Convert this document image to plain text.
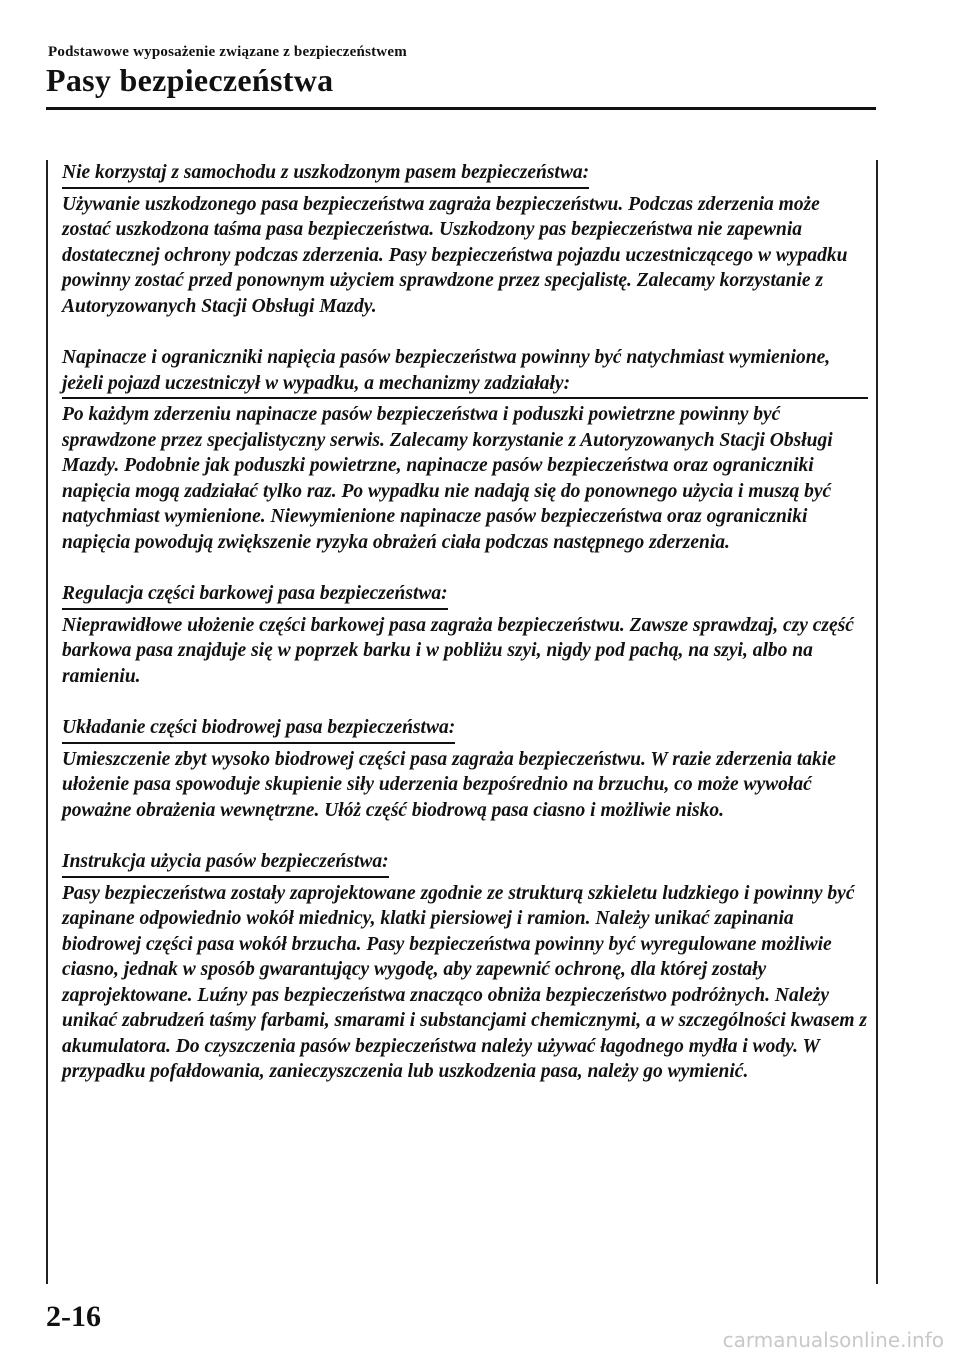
Podstawowe wyposażenie związane z bezpieczeństwem
Pasy bezpieczeństwa
Nie korzystaj z samochodu z uszkodzonym pasem bezpieczeństwa:

Używanie uszkodzonego pasa bezpieczeństwa zagraża bezpieczeństwu. Podczas zderzenia może zostać uszkodzona taśma pasa bezpieczeństwa. Uszkodzony pas bezpieczeństwa nie zapewnia dostatecznej ochrony podczas zderzenia. Pasy bezpieczeństwa pojazdu uczestniczącego w wypadku powinny zostać przed ponownym użyciem sprawdzone przez specjalistę. Zalecamy korzystanie z Autoryzowanych Stacji Obsługi Mazdy.

Napinacze i ograniczniki napięcia pasów bezpieczeństwa powinny być natychmiast wymienione, jeżeli pojazd uczestniczył w wypadku, a mechanizmy zadziałały:

Po każdym zderzeniu napinacze pasów bezpieczeństwa i poduszki powietrzne powinny być sprawdzone przez specjalistyczny serwis. Zalecamy korzystanie z Autoryzowanych Stacji Obsługi Mazdy. Podobnie jak poduszki powietrzne, napinacze pasów bezpieczeństwa oraz ograniczniki napięcia mogą zadziałać tylko raz. Po wypadku nie nadają się do ponownego użycia i muszą być natychmiast wymienione. Niewymienione napinacze pasów bezpieczeństwa oraz ograniczniki napięcia powodują zwiększenie ryzyka obrażeń ciała podczas następnego zderzenia.

Regulacja części barkowej pasa bezpieczeństwa:

Nieprawidłowe ułożenie części barkowej pasa zagraża bezpieczeństwu. Zawsze sprawdzaj, czy część barkowa pasa znajduje się w poprzek barku i w pobliżu szyi, nigdy pod pachą, na szyi, albo na ramieniu.

Układanie części biodrowej pasa bezpieczeństwa:

Umieszczenie zbyt wysoko biodrowej części pasa zagraża bezpieczeństwu. W razie zderzenia takie ułożenie pasa spowoduje skupienie siły uderzenia bezpośrednio na brzuchu, co może wywołać poważne obrażenia wewnętrzne. Ułóż część biodrową pasa ciasno i możliwie nisko.

Instrukcja użycia pasów bezpieczeństwa:

Pasy bezpieczeństwa zostały zaprojektowane zgodnie ze strukturą szkieletu ludzkiego i powinny być zapinane odpowiednio wokół miednicy, klatki piersiowej i ramion. Należy unikać zapinania biodrowej części pasa wokół brzucha. Pasy bezpieczeństwa powinny być wyregulowane możliwie ciasno, jednak w sposób gwarantujący wygodę, aby zapewnić ochronę, dla której zostały zaprojektowane. Luźny pas bezpieczeństwa znacząco obniża bezpieczeństwo podróżnych. Należy unikać zabrudzeń taśmy farbami, smarami i substancjami chemicznymi, a w szczególności kwasem z akumulatora. Do czyszczenia pasów bezpieczeństwa należy używać łagodnego mydła i wody. W przypadku pofałdowania, zanieczyszczenia lub uszkodzenia pasa, należy go wymienić.

2-16
carmanualsonline.info
